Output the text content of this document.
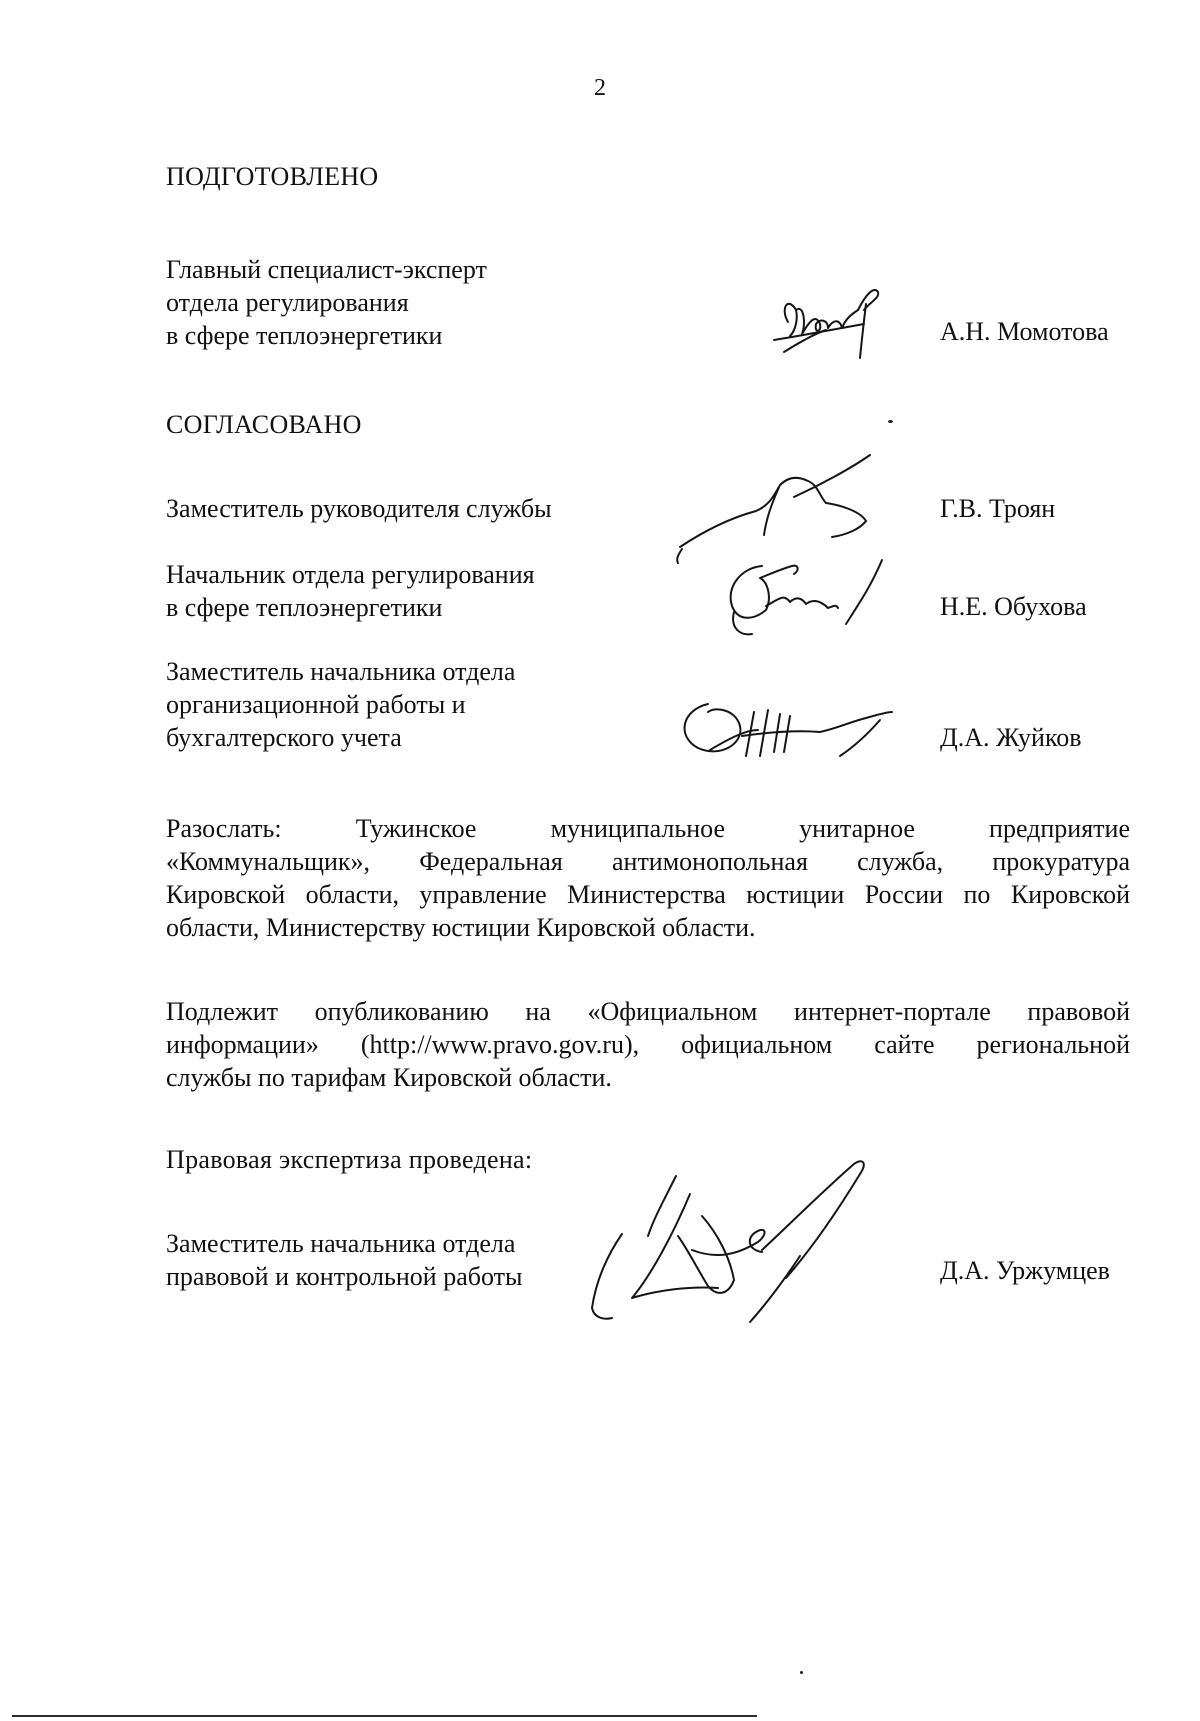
2
ПОДГОТОВЛЕНО
Главный специалист-эксперт
отдела регулирования
в сфере теплоэнергетики	А.Н. Момотова
СОГЛАСОВАНО
Заместитель руководителя службы	Г.В. Троян
Начальник отдела регулирования
в сфере теплоэнергетики	Н.Е. Обухова
Заместитель начальника отдела
организационной работы и
бухгалтерского учета	Д.А. Жуйков
Разослать: Тужинское муниципальное унитарное предприятие
«Коммунальщик», Федеральная антимонопольная служба, прокуратура
Кировской области, управление Министерства юстиции России по Кировской
области, Министерству юстиции Кировской области.
Подлежит опубликованию на «Официальном интернет-портале правовой
информации» (http://www.pravo.gov.ru), официальном сайте региональной
службы по тарифам Кировской области.
Правовая экспертиза проведена:
Заместитель начальника отдела
правовой и контрольной работы	Д.А. Уржумцев
